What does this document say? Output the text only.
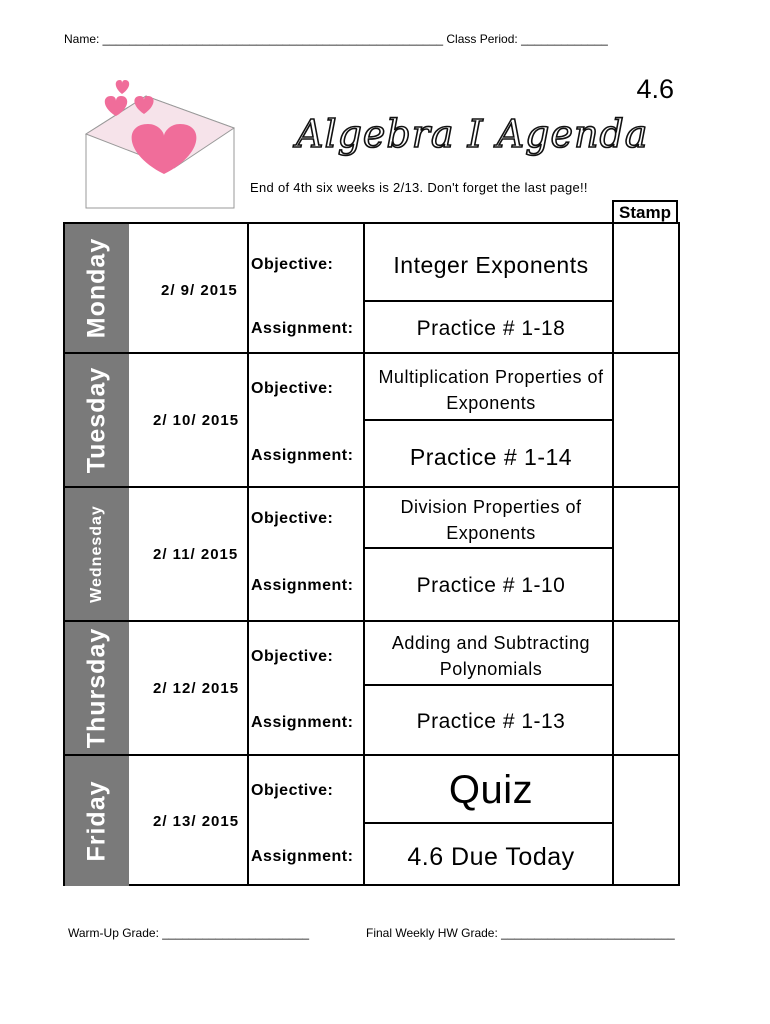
Name: ___________________________________________________ Class Period: _____________
4.6
Algebra I Agenda
End of 4th six weeks is 2/13. Don't forget the last page!!
Stamp
Monday	2/ 9/ 2015
Objective:	Integer Exponents
Assignment:	Practice # 1-18
Tuesday	2/ 10/ 2015
Objective:
Multiplication Properties of Exponents
Assignment:	Practice # 1-14
Wednesday	2/ 11/ 2015
Objective:
Division Properties of Exponents
Assignment:	Practice # 1-10
Thursday	2/ 12/ 2015
Objective:
Adding and Subtracting Polynomials
Assignment:	Practice # 1-13
Friday	2/ 13/ 2015
Objective:	Quiz
Assignment:	4.6 Due Today
Warm-Up Grade: ______________________	Final Weekly HW Grade: __________________________
